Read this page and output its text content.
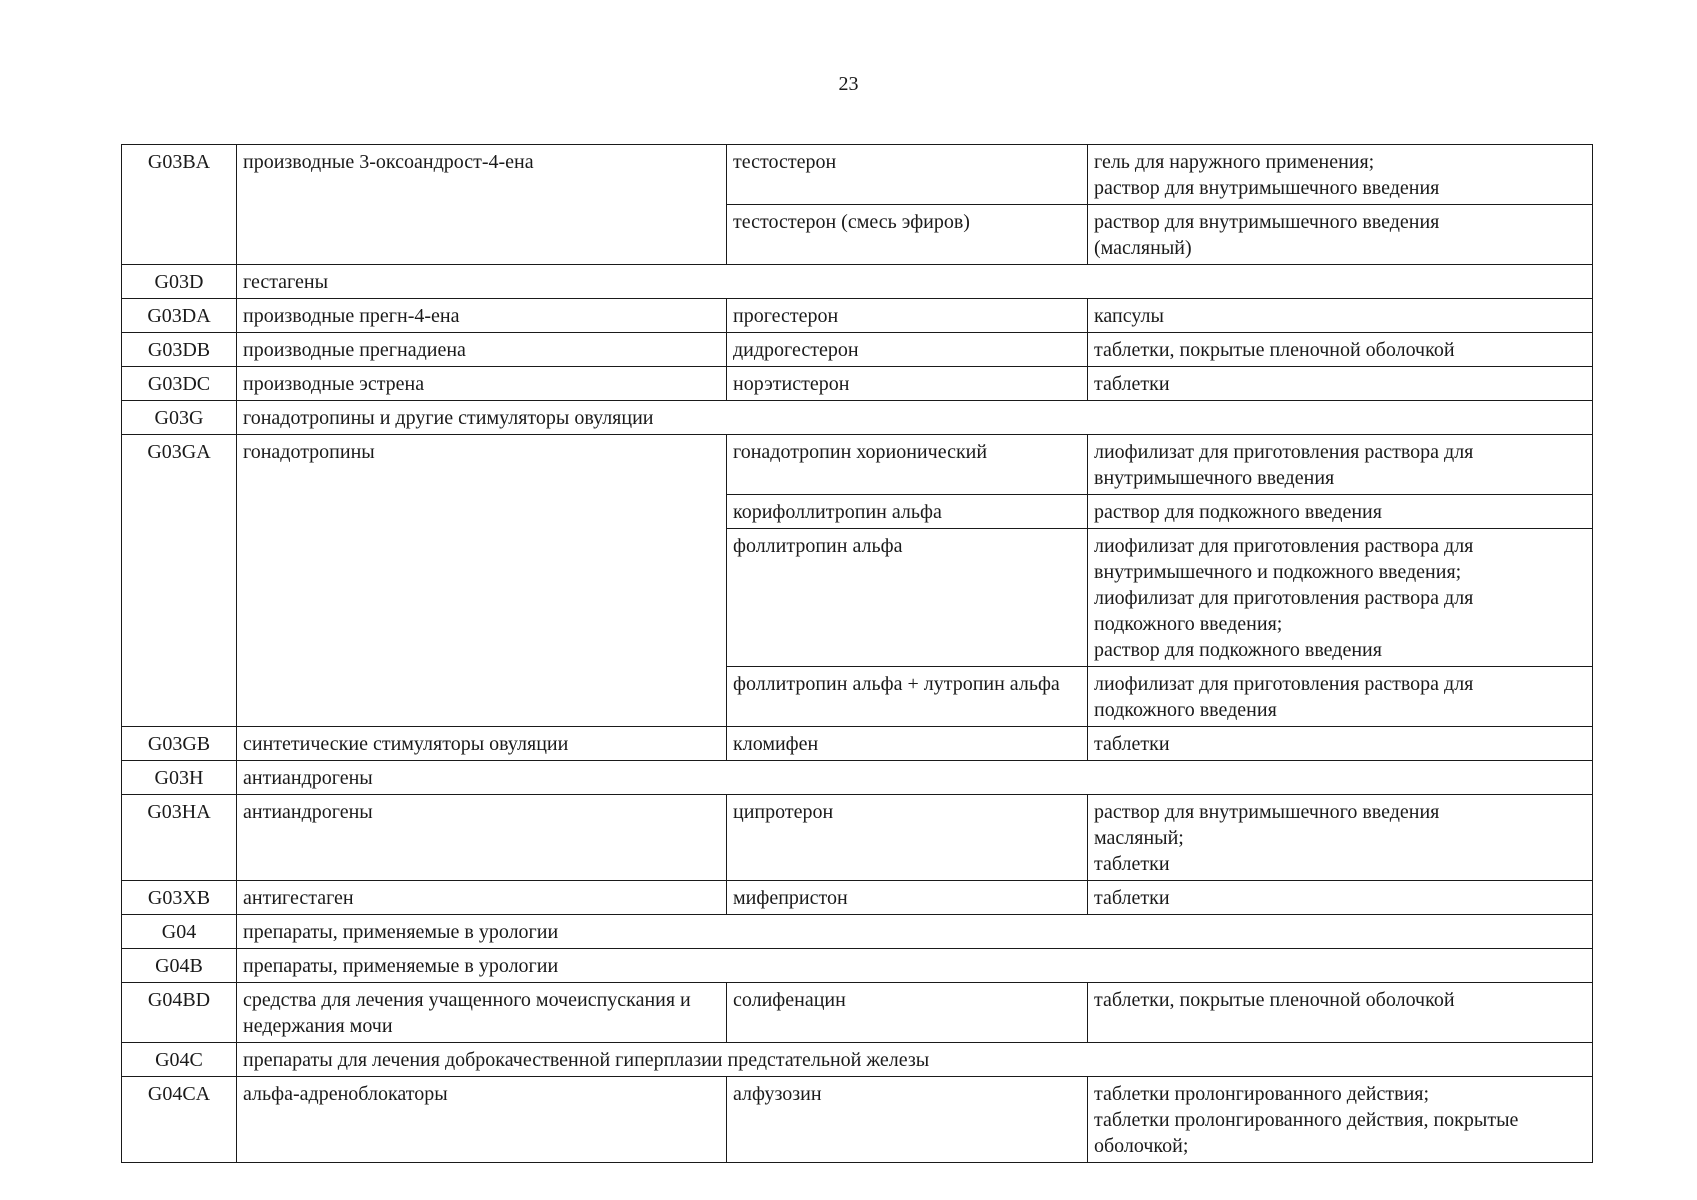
23
G03BA	производные 3-оксоандрост-4-ена	тестостерон	гель для наружного применения;
раствор для внутримышечного введения

		тестостерон (смесь эфиров)	раствор для внутримышечного введения
(масляный)

G03D	гестагены		
G03DA	производные прегн-4-ена	прогестерон	капсулы

G03DB	производные прегнадиена	дидрогестерон	таблетки, покрытые пленочной оболочкой

G03DC	производные эстрена	норэтистерон	таблетки

G03G	гонадотропины и другие стимуляторы овуляции		
G03GA	гонадотропины	гонадотропин хорионический	лиофилизат для приготовления раствора для
внутримышечного введения

		корифоллитропин альфа	раствор для подкожного введения

		фоллитропин альфа	лиофилизат для приготовления раствора для
внутримышечного и подкожного введения;
лиофилизат для приготовления раствора для
подкожного введения;
раствор для подкожного введения

		фоллитропин альфа + лутропин альфа	лиофилизат для приготовления раствора для
подкожного введения

G03GB	синтетические стимуляторы овуляции	кломифен	таблетки

G03H	антиандрогены		
G03HA	антиандрогены	ципротерон	раствор для внутримышечного введения
масляный;
таблетки

G03XB	антигестаген	мифепристон	таблетки

G04	препараты, применяемые в урологии		
G04B	препараты, применяемые в урологии		
G04BD	средства для лечения учащенного мочеиспускания и недержания мочи	солифенацин	таблетки, покрытые пленочной оболочкой

G04C	препараты для лечения доброкачественной гиперплазии предстательной железы		
G04CA	альфа-адреноблокаторы	алфузозин	таблетки пролонгированного действия;
таблетки пролонгированного действия, покрытые
оболочкой;
